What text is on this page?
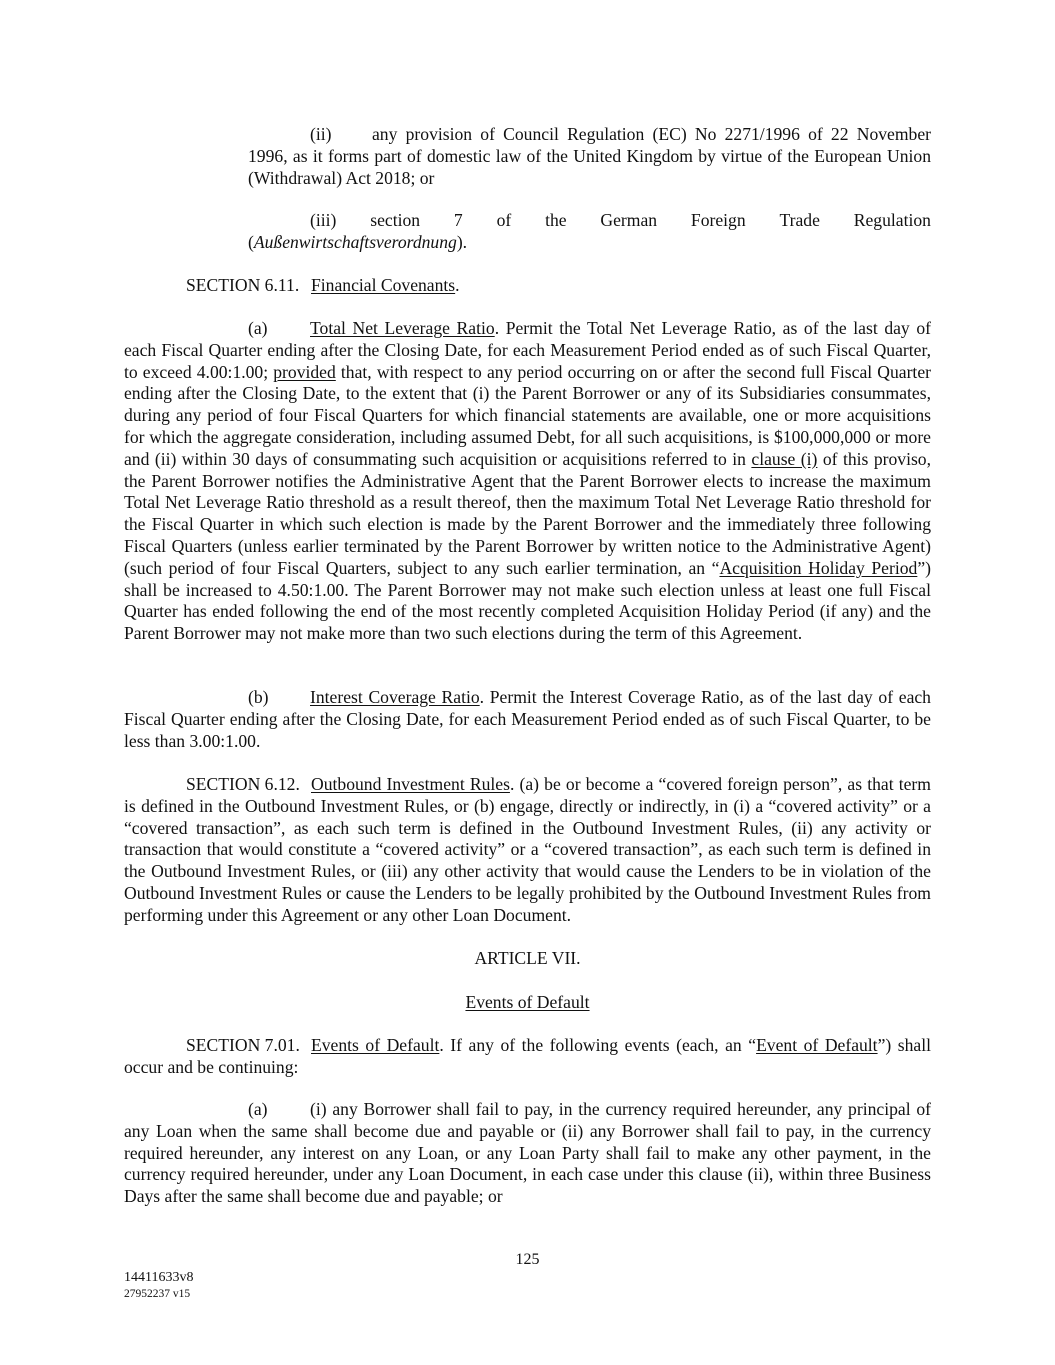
(ii) any provision of Council Regulation (EC) No 2271/1996 of 22 November 1996, as it forms part of domestic law of the United Kingdom by virtue of the European Union (Withdrawal) Act 2018; or

(iii) section 7 of the German Foreign Trade Regulation
(Außenwirtschaftsverordnung).

SECTION 6.11. Financial Covenants.

(a) Total Net Leverage Ratio. Permit the Total Net Leverage Ratio, as of the last day of each Fiscal Quarter ending after the Closing Date, for each Measurement Period ended as of such Fiscal Quarter, to exceed 4.00:1.00; provided that, with respect to any period occurring on or after the second full Fiscal Quarter ending after the Closing Date, to the extent that (i) the Parent Borrower or any of its Subsidiaries consummates, during any period of four Fiscal Quarters for which financial statements are available, one or more acquisitions for which the aggregate consideration, including assumed Debt, for all such acquisitions, is $100,000,000 or more and (ii) within 30 days of consummating such acquisition or acquisitions referred to in clause (i) of this proviso, the Parent Borrower notifies the Administrative Agent that the Parent Borrower elects to increase the maximum Total Net Leverage Ratio threshold as a result thereof, then the maximum Total Net Leverage Ratio threshold for the Fiscal Quarter in which such election is made by the Parent Borrower and the immediately three following Fiscal Quarters (unless earlier terminated by the Parent Borrower by written notice to the Administrative Agent) (such period of four Fiscal Quarters, subject to any such earlier termination, an “Acquisition Holiday Period”) shall be increased to 4.50:1.00. The Parent Borrower may not make such election unless at least one full Fiscal Quarter has ended following the end of the most recently completed Acquisition Holiday Period (if any) and the Parent Borrower may not make more than two such elections during the term of this Agreement.

(b) Interest Coverage Ratio. Permit the Interest Coverage Ratio, as of the last day of each Fiscal Quarter ending after the Closing Date, for each Measurement Period ended as of such Fiscal Quarter, to be less than 3.00:1.00.

SECTION 6.12. Outbound Investment Rules. (a) be or become a “covered foreign person”, as that term is defined in the Outbound Investment Rules, or (b) engage, directly or indirectly, in (i) a “covered activity” or a “covered transaction”, as each such term is defined in the Outbound Investment Rules, (ii) any activity or transaction that would constitute a “covered activity” or a “covered transaction”, as each such term is defined in the Outbound Investment Rules, or (iii) any other activity that would cause the Lenders to be in violation of the Outbound Investment Rules or cause the Lenders to be legally prohibited by the Outbound Investment Rules from performing under this Agreement or any other Loan Document.

ARTICLE VII.

Events of Default

SECTION 7.01. Events of Default. If any of the following events (each, an “Event of Default”) shall occur and be continuing:

(a) (i) any Borrower shall fail to pay, in the currency required hereunder, any principal of any Loan when the same shall become due and payable or (ii) any Borrower shall fail to pay, in the currency required hereunder, any interest on any Loan, or any Loan Party shall fail to make any other payment, in the currency required hereunder, under any Loan Document, in each case under this clause (ii), within three Business Days after the same shall become due and payable; or

125
14411633v8
27952237 v15
